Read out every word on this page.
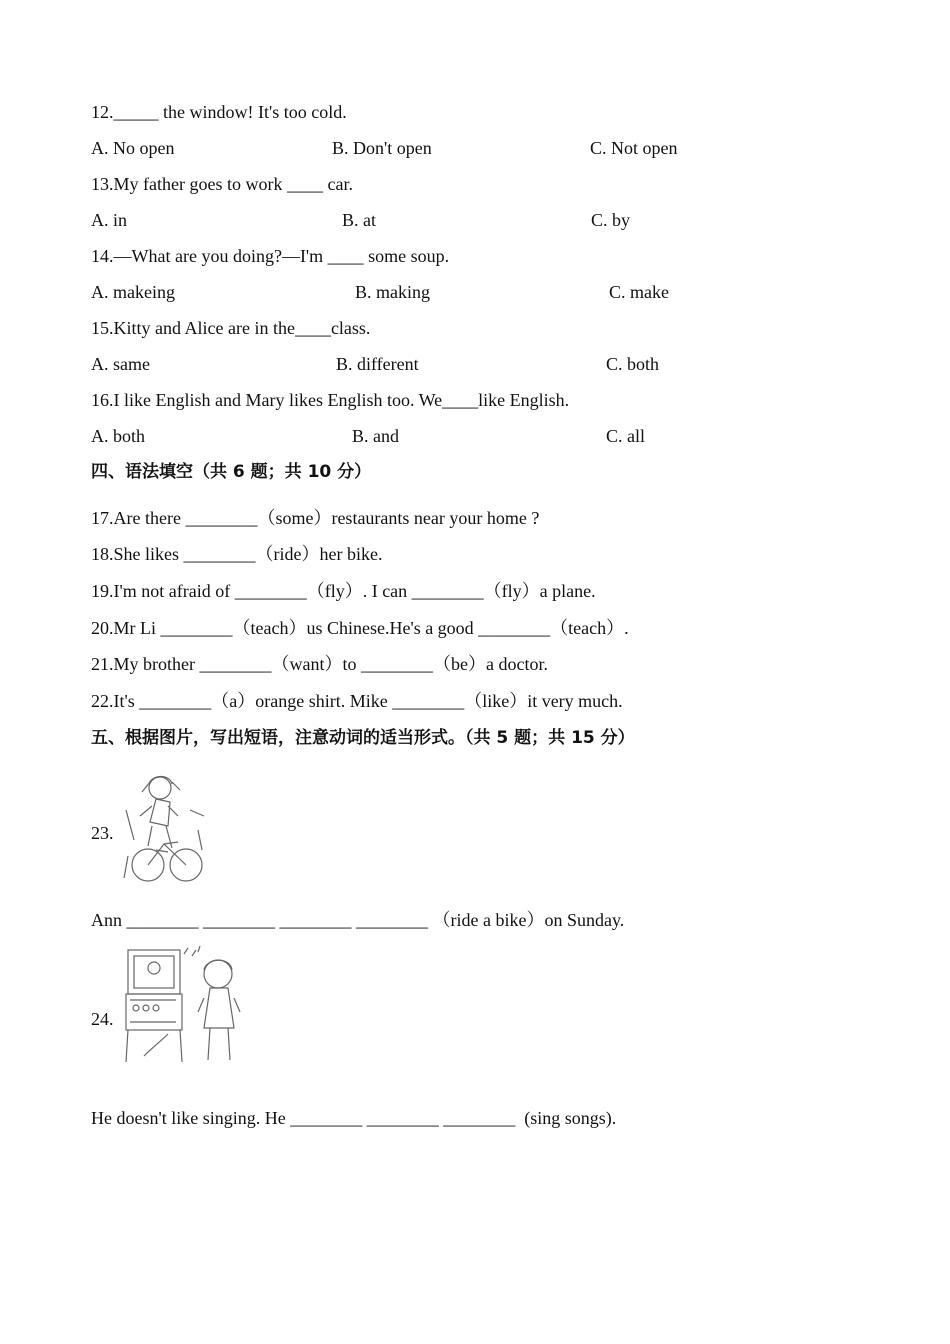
12._____ the window! It's too cold.
A. No open	B. Don't open	C. Not open
13.My father goes to work ____ car.
A. in	B. at	C. by
14.—What are you doing?—I'm ____ some soup.
A. makeing	B. making	C. make
15.Kitty and Alice are in the____class.
A. same	B. different	C. both
16.I like English and Mary likes English too. We____like English.
A. both	B. and	C. all
四、语法填空（共 6 题；共 10 分）
17.Are there ________（some）restaurants near your home ?
18.She likes ________（ride）her bike.
19.I'm not afraid of ________（fly）. I can ________（fly）a plane.
20.Mr Li ________（teach）us Chinese.He's a good ________（teach）.
21.My brother ________（want）to ________（be）a doctor.
22.It's ________（a）orange shirt. Mike ________（like）it very much.
五、根据图片，写出短语，注意动词的适当形式。（共 5 题；共 15 分）
23.
Ann ________ ________ ________ ________ （ride a bike）on Sunday.
24.
He doesn't like singing. He ________ ________ ________  (sing songs).
